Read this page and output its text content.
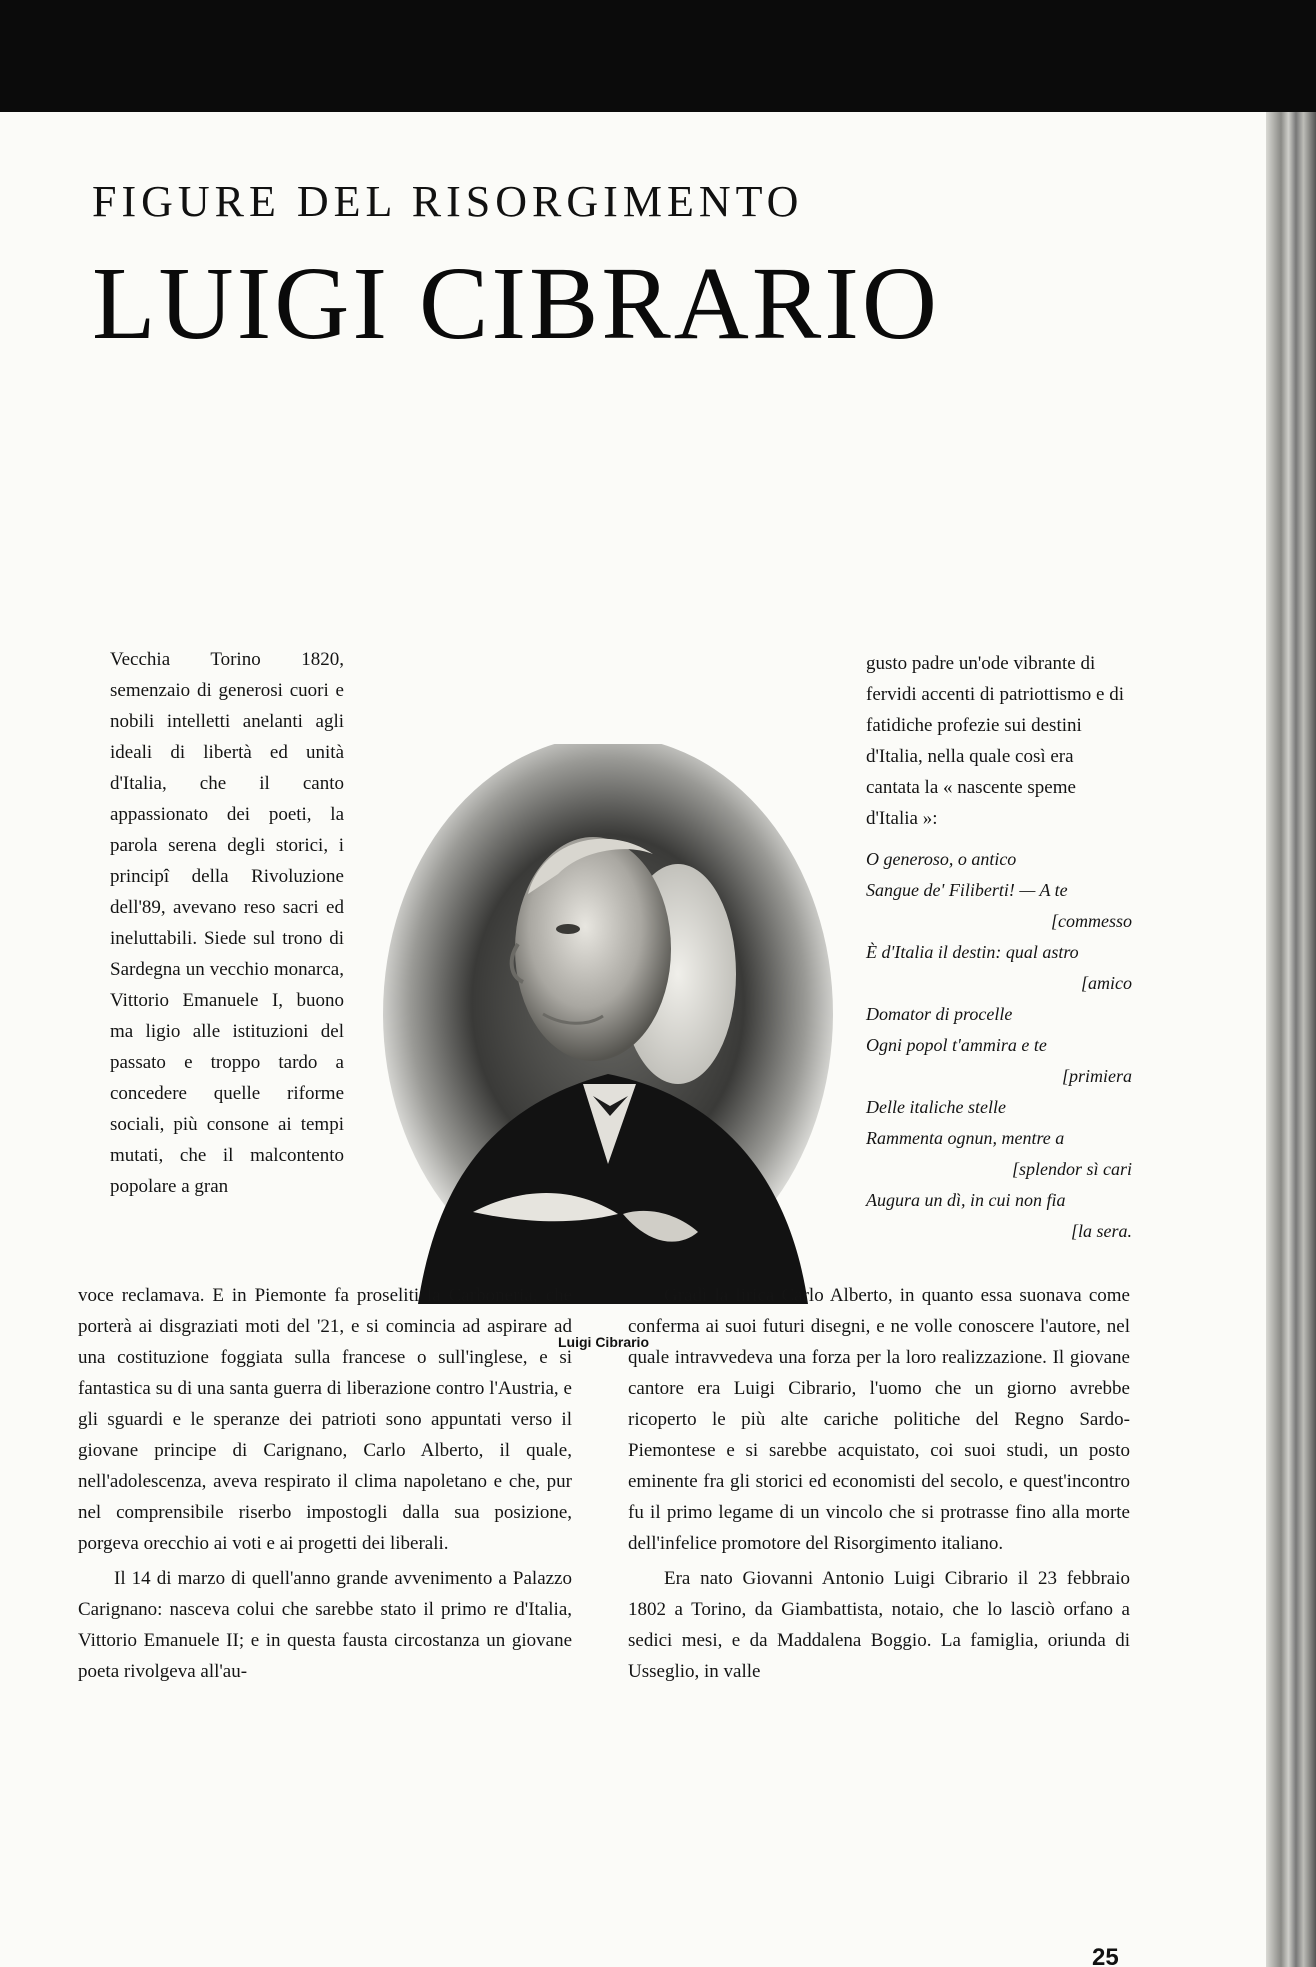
FIGURE DEL RISORGIMENTO
LUIGI CIBRARIO

Vecchia Torino 1820, semenzaio di generosi cuori e nobili intelletti anelanti agli ideali di libertà ed unità d'Italia, che il canto appassionato dei poeti, la parola serena degli storici, i principî della Rivoluzione dell'89, avevano reso sacri ed ineluttabili. Siede sul trono di Sardegna un vecchio monarca, Vittorio Emanuele I, buono ma ligio alle istituzioni del passato e troppo tardo a concedere quelle riforme sociali, più consone ai tempi mutati, che il malcontento popolare a gran

Luigi Cibrario

gusto padre un'ode vibrante di fervidi accenti di patriottismo e di fatidiche profezie sui destini d'Italia, nella quale così era cantata la « nascente speme d'Italia »:

O generoso, o antico
Sangue de' Filiberti! — A te
[commesso
È d'Italia il destin: qual astro
[amico
Domator di procelle
Ogni popol t'ammira e te
[primiera
Delle italiche stelle
Rammenta ognun, mentre a
[splendor sì cari
Augura un dì, in cui non fia
[la sera.

voce reclamava. E in Piemonte fa proseliti la Carboneria, che porterà ai disgraziati moti del '21, e si comincia ad aspirare ad una costituzione foggiata sulla francese o sull'inglese, e si fantastica su di una santa guerra di liberazione contro l'Austria, e gli sguardi e le speranze dei patrioti sono appuntati verso il giovane principe di Carignano, Carlo Alberto, il quale, nell'adolescenza, aveva respirato il clima napoletano e che, pur nel comprensibile riserbo impostogli dalla sua posizione, porgeva orecchio ai voti e ai progetti dei liberali.

Il 14 di marzo di quell'anno grande avvenimento a Palazzo Carignano: nasceva colui che sarebbe stato il primo re d'Italia, Vittorio Emanuele II; e in questa fausta circostanza un giovane poeta rivolgeva all'au-

Gradì la lirica Carlo Alberto, in quanto essa suonava come conferma ai suoi futuri disegni, e ne volle conoscere l'autore, nel quale intravvedeva una forza per la loro realizzazione. Il giovane cantore era Luigi Cibrario, l'uomo che un giorno avrebbe ricoperto le più alte cariche politiche del Regno Sardo-Piemontese e si sarebbe acquistato, coi suoi studi, un posto eminente fra gli storici ed economisti del secolo, e quest'incontro fu il primo legame di un vincolo che si protrasse fino alla morte dell'infelice promotore del Risorgimento italiano.

Era nato Giovanni Antonio Luigi Cibrario il 23 febbraio 1802 a Torino, da Giambattista, notaio, che lo lasciò orfano a sedici mesi, e da Maddalena Boggio. La famiglia, oriunda di Usseglio, in valle

25
